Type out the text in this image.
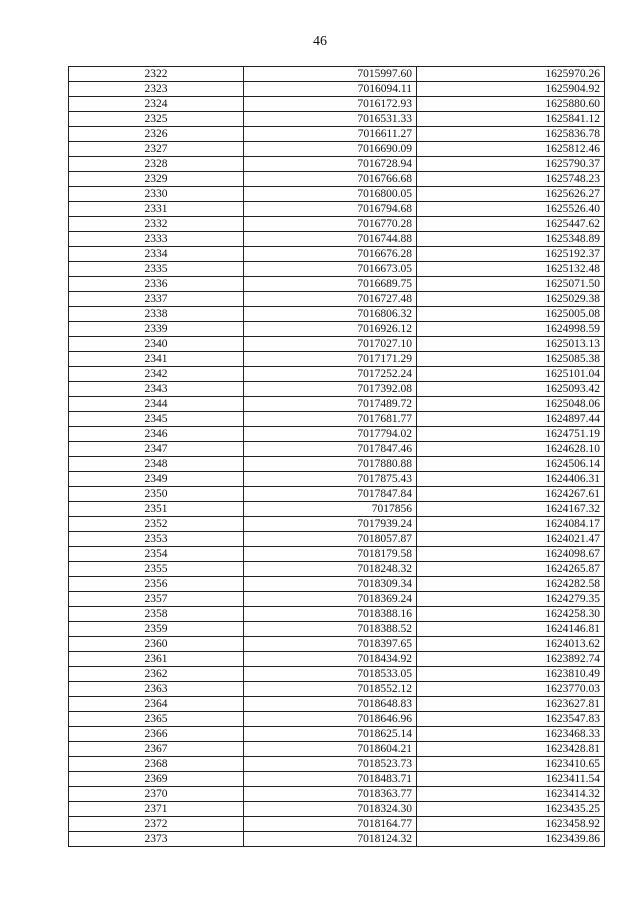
46
2322	7015997.60	1625970.26
2323	7016094.11	1625904.92
2324	7016172.93	1625880.60
2325	7016531.33	1625841.12
2326	7016611.27	1625836.78
2327	7016690.09	1625812.46
2328	7016728.94	1625790.37
2329	7016766.68	1625748.23
2330	7016800.05	1625626.27
2331	7016794.68	1625526.40
2332	7016770.28	1625447.62
2333	7016744.88	1625348.89
2334	7016676.28	1625192.37
2335	7016673.05	1625132.48
2336	7016689.75	1625071.50
2337	7016727.48	1625029.38
2338	7016806.32	1625005.08
2339	7016926.12	1624998.59
2340	7017027.10	1625013.13
2341	7017171.29	1625085.38
2342	7017252.24	1625101.04
2343	7017392.08	1625093.42
2344	7017489.72	1625048.06
2345	7017681.77	1624897.44
2346	7017794.02	1624751.19
2347	7017847.46	1624628.10
2348	7017880.88	1624506.14
2349	7017875.43	1624406.31
2350	7017847.84	1624267.61
2351	7017856	1624167.32
2352	7017939.24	1624084.17
2353	7018057.87	1624021.47
2354	7018179.58	1624098.67
2355	7018248.32	1624265.87
2356	7018309.34	1624282.58
2357	7018369.24	1624279.35
2358	7018388.16	1624258.30
2359	7018388.52	1624146.81
2360	7018397.65	1624013.62
2361	7018434.92	1623892.74
2362	7018533.05	1623810.49
2363	7018552.12	1623770.03
2364	7018648.83	1623627.81
2365	7018646.96	1623547.83
2366	7018625.14	1623468.33
2367	7018604.21	1623428.81
2368	7018523.73	1623410.65
2369	7018483.71	1623411.54
2370	7018363.77	1623414.32
2371	7018324.30	1623435.25
2372	7018164.77	1623458.92
2373	7018124.32	1623439.86
